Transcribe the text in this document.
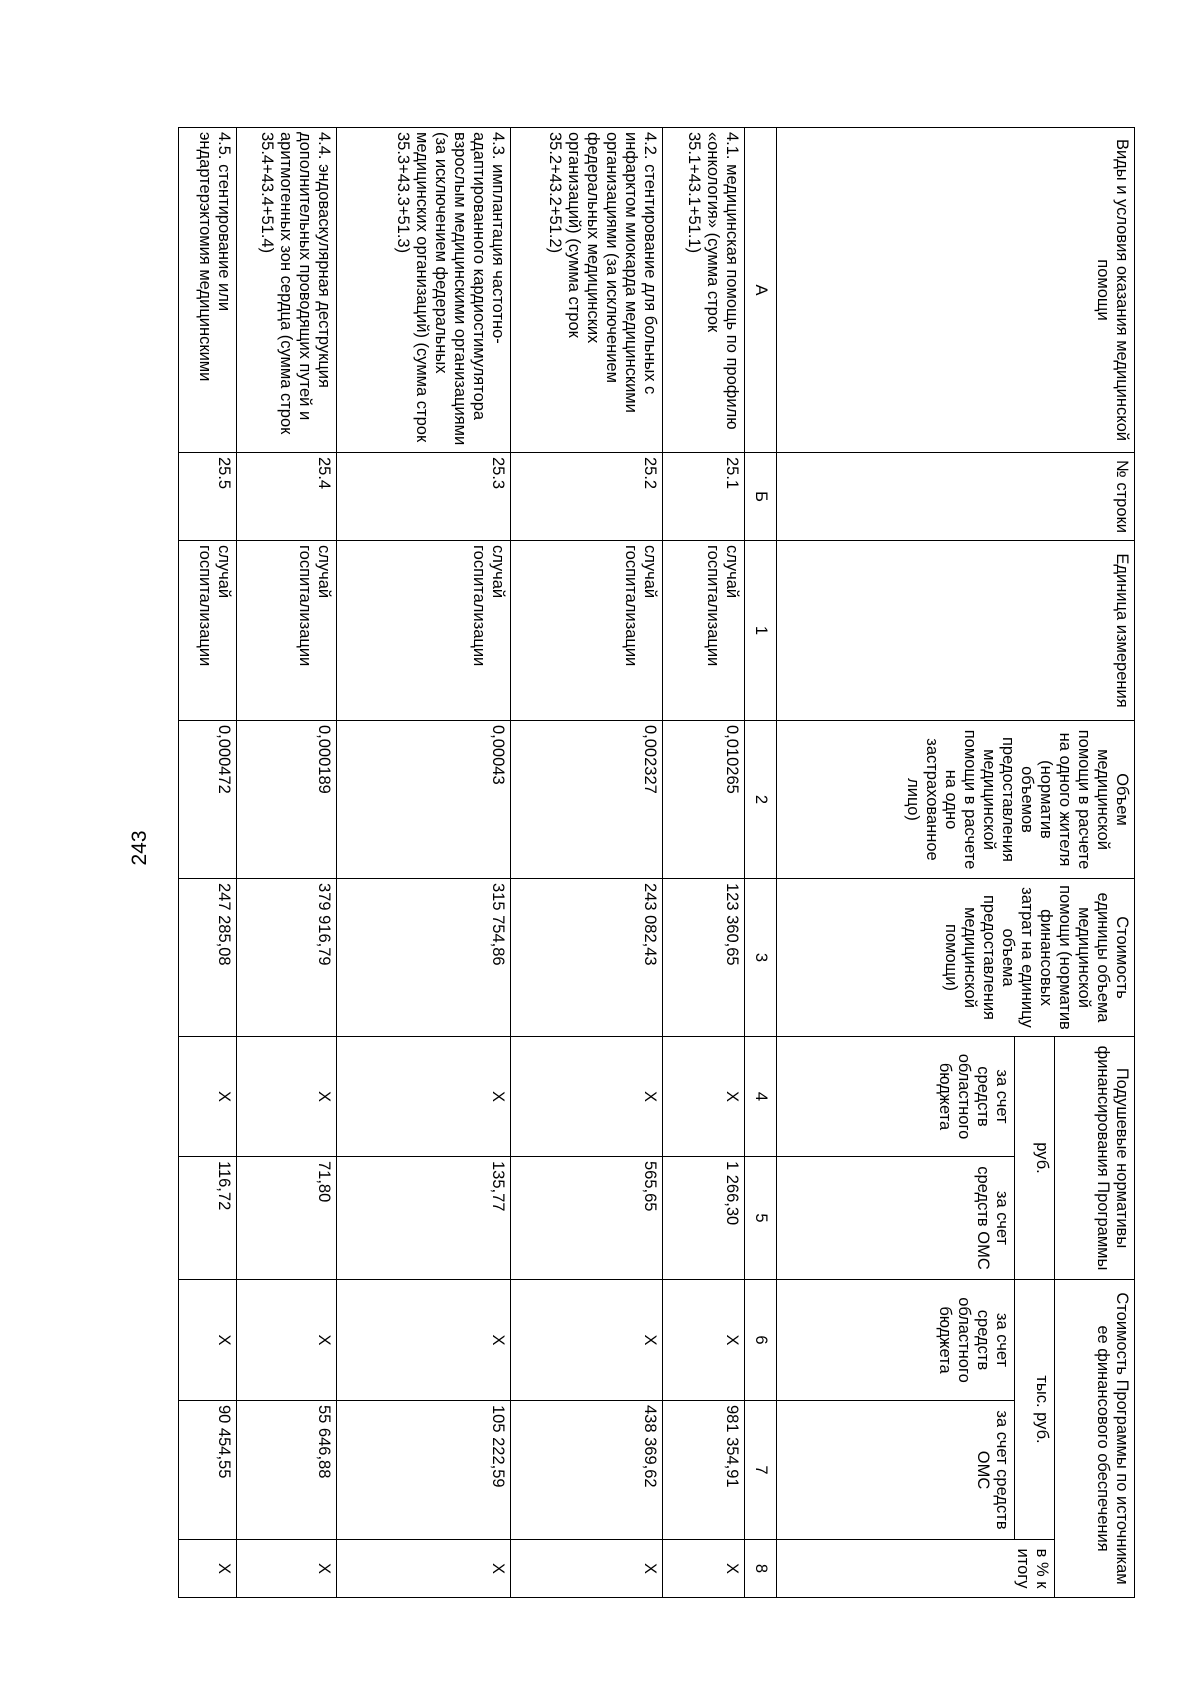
243
Виды и условия оказания медицинской помощи	№ строки	Единица измерения	Объем медицинской помощи в расчете на одного жителя (норматив объемов предоставления медицинской помощи в расчете на одно застрахованное лицо)	Стоимость единицы объема медицинской помощи (норматив финансовых затрат на единицу объема предоставления медицинской помощи)	Подушевые нормативы финансирования Программы		Стоимость Программы по источникам ее финансового обеспечения		
					руб.		тыс. руб.		в % к итогу
					за счет средств областного бюджета	за счет средств ОМС	за счет средств областного бюджета	за счет средств ОМС	
А	Б	1	2	3	4	5	6	7	8
4.1. медицинская помощь по профилю «онкология» (сумма строк 35.1+43.1+51.1)	25.1	случай госпитализации	0,010265	123 360,65	Х	1 266,30	Х	981 354,91	Х
4.2. стентирование для больных с инфарктом миокарда медицинскими организациями (за исключением федеральных медицинских организаций) (сумма строк 35.2+43.2+51.2)	25.2	случай госпитализации	0,002327	243 082,43	Х	565,65	Х	438 369,62	Х
4.3. имплантация частотно-адаптированного кардиостимулятора взрослым медицинскими организациями (за исключением федеральных медицинских организаций) (сумма строк 35.3+43.3+51.3)	25.3	случай госпитализации	0,00043	315 754,86	Х	135,77	Х	105 222,59	Х
4.4. эндоваскулярная деструкция дополнительных проводящих путей и аритмогенных зон сердца (сумма строк 35.4+43.4+51.4)	25.4	случай госпитализации	0,000189	379 916,79	Х	71,80	Х	55 646,88	Х
4.5. стентирование или эндартерэктомия медицинскими	25.5	случай госпитализации	0,000472	247 285,08	Х	116,72	Х	90 454,55	Х
